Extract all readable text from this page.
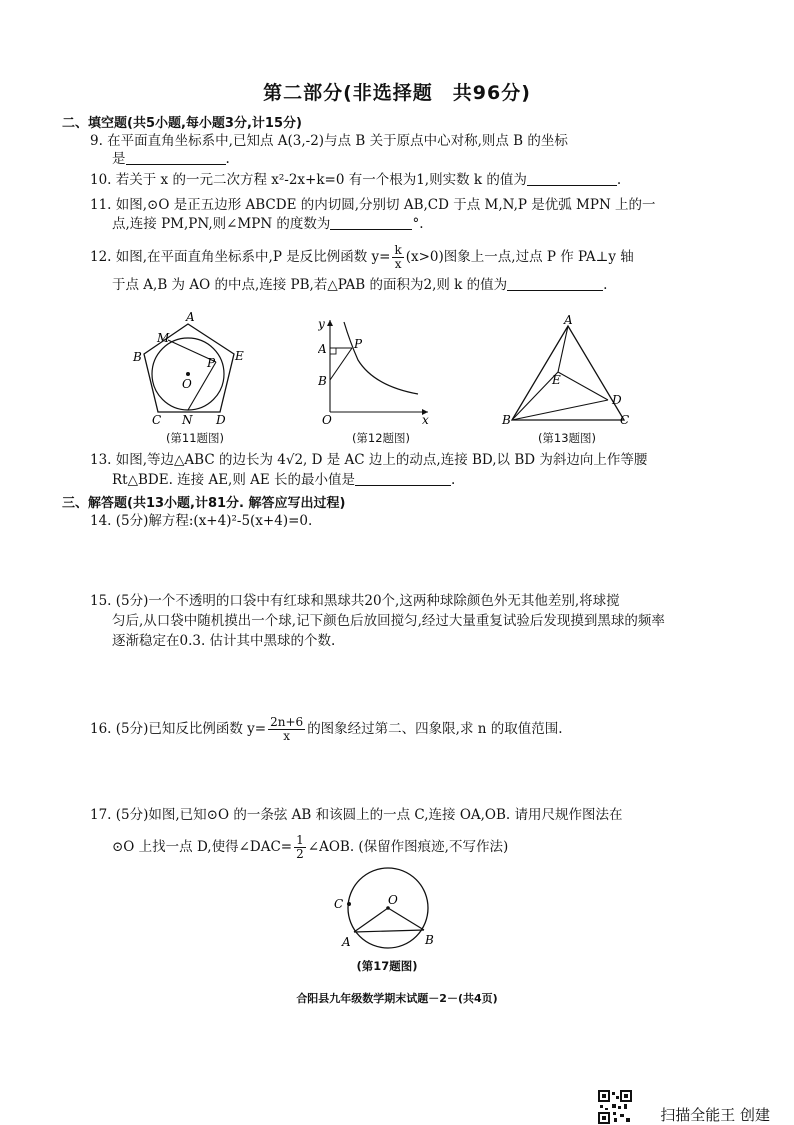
第二部分(非选择题　共96分)
二、填空题(共5小题,每小题3分,计15分)
9. 在平面直角坐标系中,已知点 A(3,-2)与点 B 关于原点中心对称,则点 B 的坐标
是	.
10. 若关于 x 的一元二次方程 x²-2x+k=0 有一个根为1,则实数 k 的值为	.
11. 如图,⊙O 是正五边形 ABCDE 的内切圆,分别切 AB,CD 于点 M,N,P 是优弧 MPN 上的一
点,连接 PM,PN,则∠MPN 的度数为	°.
12. 如图,在平面直角坐标系中,P 是反比例函数 $y= \frac{k}{x} (x>0)$图象上一点,过点 P 作 PA⊥y 轴
于点 A,B 为 AO 的中点,连接 PB,若△PAB 的面积为2,则 k 的值为	.
A
M
B	E
P
O
C N D
(第11题图)
y
A P
B
O	x
(第12题图)
A
E
D
B	C
(第13题图)
13. 如图,等边△ABC 的边长为 4√2, D 是 AC 边上的动点,连接 BD,以 BD 为斜边向上作等腰
Rt△BDE. 连接 AE,则 AE 长的最小值是	.
三、解答题(共13小题,计81分. 解答应写出过程)
14. (5分)解方程:(x+4)²-5(x+4)=0.
15. (5分)一个不透明的口袋中有红球和黑球共20个,这两种球除颜色外无其他差别,将球搅
匀后,从口袋中随机摸出一个球,记下颜色后放回搅匀,经过大量重复试验后发现摸到黑球的频率
逐渐稳定在0.3. 估计其中黑球的个数.
16. (5分)已知反比例函数 $y= \frac{2n+6}{x}$ 的图象经过第二、四象限,求 n 的取值范围.
17. (5分)如图,已知⊙O 的一条弦 AB 和该圆上的一点 C,连接 OA,OB. 请用尺规作图法在
⊙O 上找一点 D,使得∠DAC= $\frac{1}{2}$ ∠AOB. (保留作图痕迹,不写作法)
O
C
A	B
(第17题图)
合阳县九年级数学期末试题－2－(共4页)
扫描全能王 创建
